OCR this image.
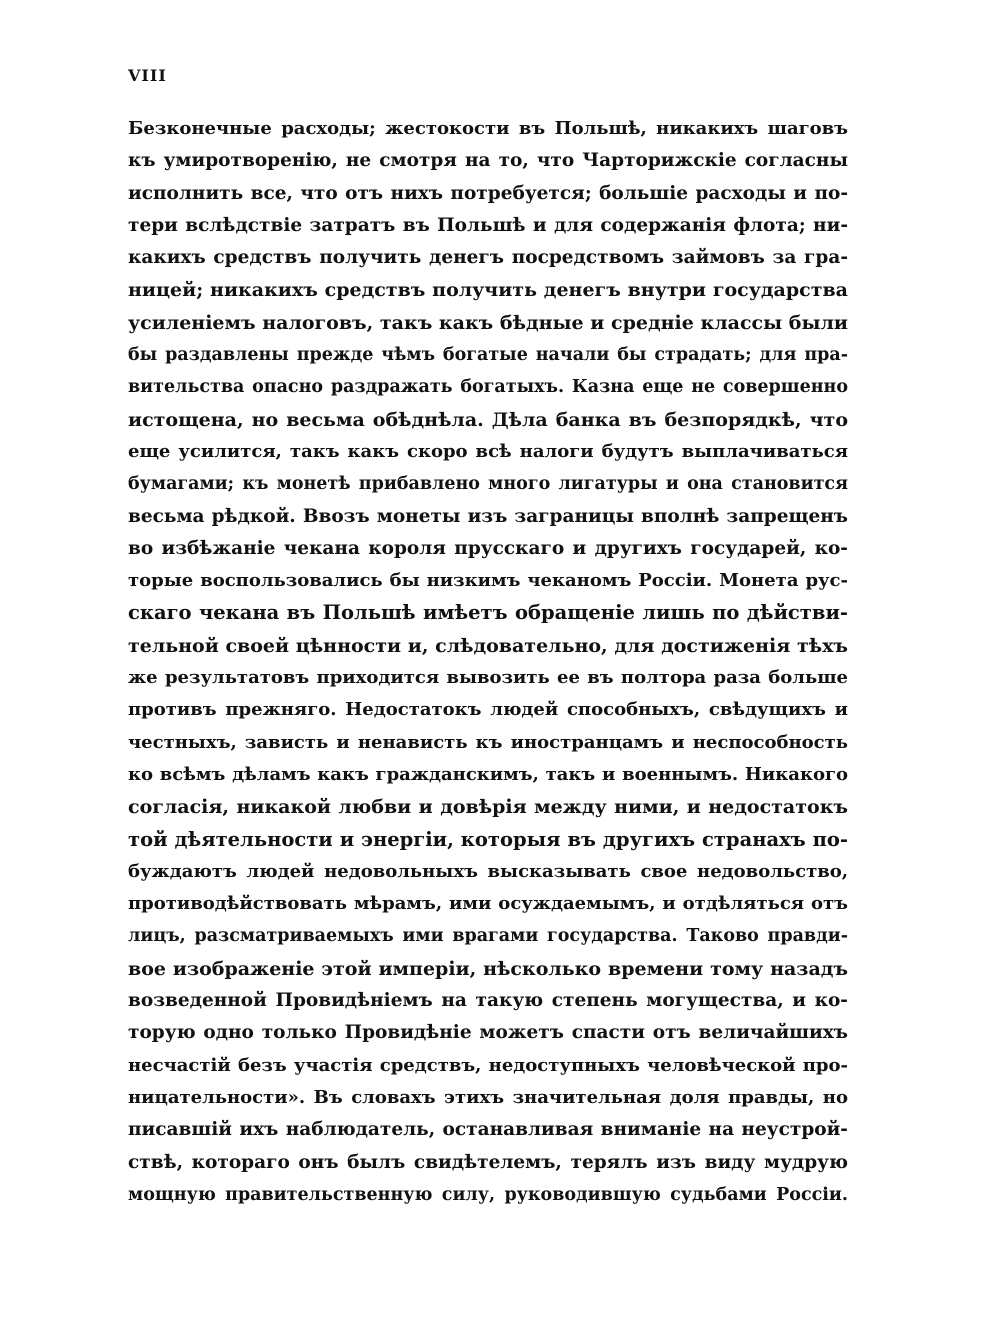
VIII
Безконечные расходы; жестокости въ Польшѣ, никакихъ шаговъ
къ умиротворенію, не смотря на то, что Чарторижскіе согласны
исполнить все, что отъ нихъ потребуется; большіе расходы и по-
тери вслѣдствіе затратъ въ Польшѣ и для содержанія флота; ни-
какихъ средствъ получить денегъ посредствомъ займовъ за гра-
ницей; никакихъ средствъ получить денегъ внутри государства
усиленіемъ налоговъ, такъ какъ бѣдные и средніе классы были
бы раздавлены прежде чѣмъ богатые начали бы страдать; для пра-
вительства опасно раздражать богатыхъ. Казна еще не совершенно
истощена, но весьма обѣднѣла. Дѣла банка въ безпорядкѣ, что
еще усилится, такъ какъ скоро всѣ налоги будутъ выплачиваться
бумагами; къ монетѣ прибавлено много лигатуры и она становится
весьма рѣдкой. Ввозъ монеты изъ заграницы вполнѣ запрещенъ
во избѣжаніе чекана короля прусскаго и другихъ государей, ко-
торые воспользовались бы низкимъ чеканомъ Россіи. Монета рус-
скаго чекана въ Польшѣ имѣетъ обращеніе лишь по дѣйстви-
тельной своей цѣнности и, слѣдовательно, для достиженія тѣхъ
же результатовъ приходится вывозить ее въ полтора раза больше
противъ прежняго. Недостатокъ людей способныхъ, свѣдущихъ и
честныхъ, зависть и ненависть къ иностранцамъ и неспособность
ко всѣмъ дѣламъ какъ гражданскимъ, такъ и военнымъ. Никакого
согласія, никакой любви и довѣрія между ними, и недостатокъ
той дѣятельности и энергіи, которыя въ другихъ странахъ по-
буждаютъ людей недовольныхъ высказывать свое недовольство,
противодѣйствовать мѣрамъ, ими осуждаемымъ, и отдѣляться отъ
лицъ, разсматриваемыхъ ими врагами государства. Таково правди-
вое изображеніе этой имперіи, нѣсколько времени тому назадъ
возведенной Провидѣніемъ на такую степень могущества, и ко-
торую одно только Провидѣніе можетъ спасти отъ величайшихъ
несчастій безъ участія средствъ, недоступныхъ человѣческой про-
ницательности». Въ словахъ этихъ значительная доля правды, но
писавшій ихъ наблюдатель, останавливая вниманіе на неустрой-
ствѣ, котораго онъ былъ свидѣтелемъ, терялъ изъ виду мудрую
мощную правительственную силу, руководившую судьбами Россіи.
